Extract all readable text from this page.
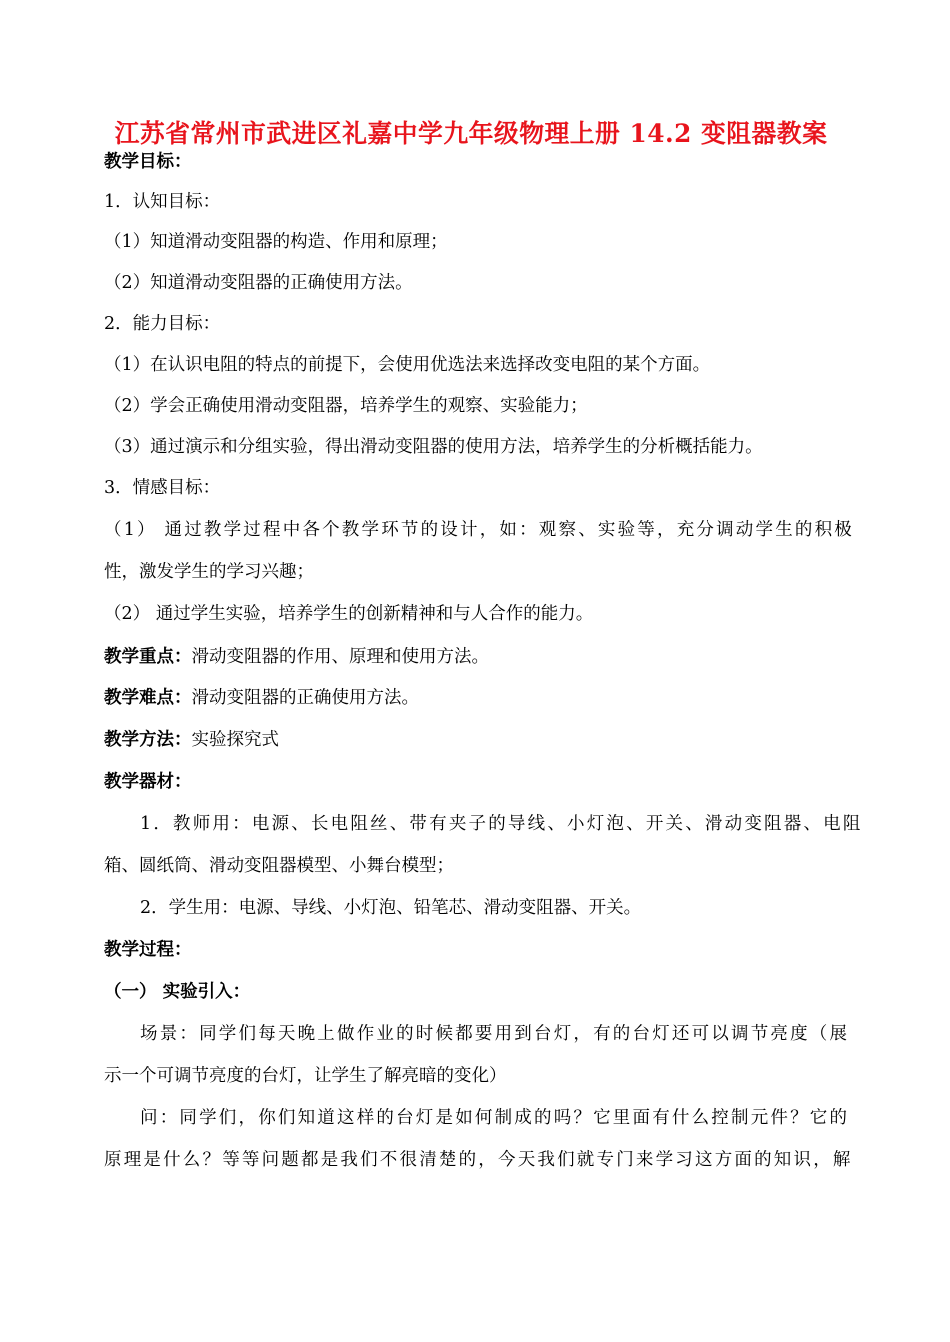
江苏省常州市武进区礼嘉中学九年级物理上册 14.2 变阻器教案
教学目标：
1．认知目标：
（1）知道滑动变阻器的构造、作用和原理；
（2）知道滑动变阻器的正确使用方法。
2．能力目标：
（1）在认识电阻的特点的前提下，会使用优选法来选择改变电阻的某个方面。
（2）学会正确使用滑动变阻器，培养学生的观察、实验能力；
（3）通过演示和分组实验，得出滑动变阻器的使用方法，培养学生的分析概括能力。
3．情感目标：
（1） 通过教学过程中各个教学环节的设计，如：观察、实验等，充分调动学生的积极
性，激发学生的学习兴趣；
（2） 通过学生实验，培养学生的创新精神和与人合作的能力。
教学重点：滑动变阻器的作用、原理和使用方法。
教学难点：滑动变阻器的正确使用方法。
教学方法：实验探究式
教学器材：
1．教师用：电源、长电阻丝、带有夹子的导线、小灯泡、开关、滑动变阻器、电阻
箱、圆纸筒、滑动变阻器模型、小舞台模型；
2．学生用：电源、导线、小灯泡、铅笔芯、滑动变阻器、开关。
教学过程：
（一） 实验引入：
场景：同学们每天晚上做作业的时候都要用到台灯，有的台灯还可以调节亮度（展
示一个可调节亮度的台灯，让学生了解亮暗的变化）
问：同学们，你们知道这样的台灯是如何制成的吗？它里面有什么控制元件？它的
原理是什么？等等问题都是我们不很清楚的，今天我们就专门来学习这方面的知识，解
